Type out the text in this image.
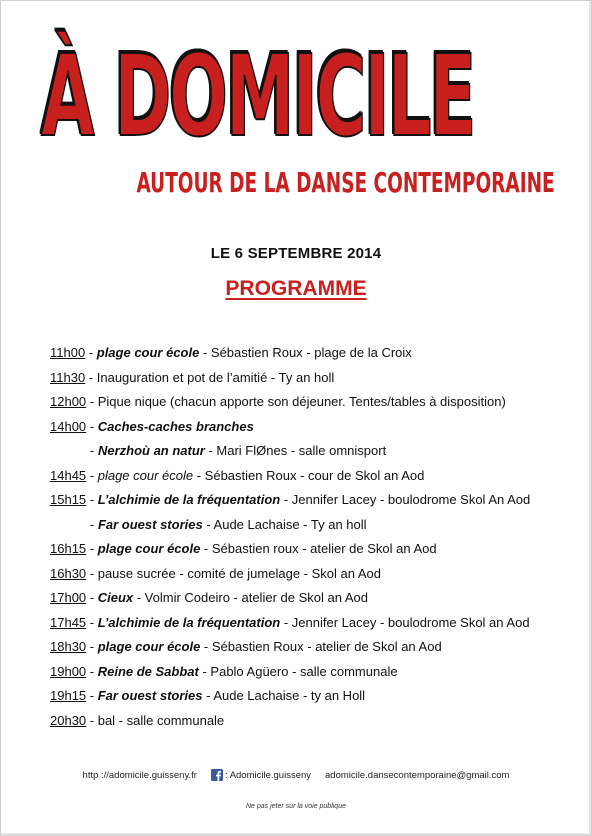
À DOMICILE
AUTOUR DE LA DANSE CONTEMPORAINE
LE 6 SEPTEMBRE 2014
PROGRAMME
11h00 - plage cour école - Sébastien Roux - plage de la Croix
11h30 - Inauguration et pot de l’amitié - Ty an holl
12h00 - Pique nique (chacun apporte son déjeuner. Tentes/tables à disposition)
14h00 - Caches-caches branches
- Nerzhoù an natur - Mari FlØnes - salle omnisport
14h45 - plage cour école - Sébastien Roux - cour de Skol an Aod
15h15 - L’alchimie de la fréquentation - Jennifer Lacey - boulodrome Skol An Aod
- Far ouest stories - Aude Lachaise - Ty an holl
16h15 - plage cour école - Sébastien roux - atelier de Skol an Aod
16h30 - pause sucrée - comité de jumelage - Skol an Aod
17h00 - Cieux - Volmir Codeiro - atelier de Skol an Aod
17h45 - L’alchimie de la fréquentation - Jennifer Lacey - boulodrome Skol an Aod
18h30 - plage cour école - Sébastien Roux - atelier de Skol an Aod
19h00 - Reine de Sabbat - Pablo Agüero - salle communale
19h15 - Far ouest stories - Aude Lachaise - ty an Holl
20h30 - bal - salle communale
http ://adomicile.guisseny.fr	: Adomicile.guisseny adomicile.dansecontemporaine@gmail.com
Ne pas jeter sur la voie publique
